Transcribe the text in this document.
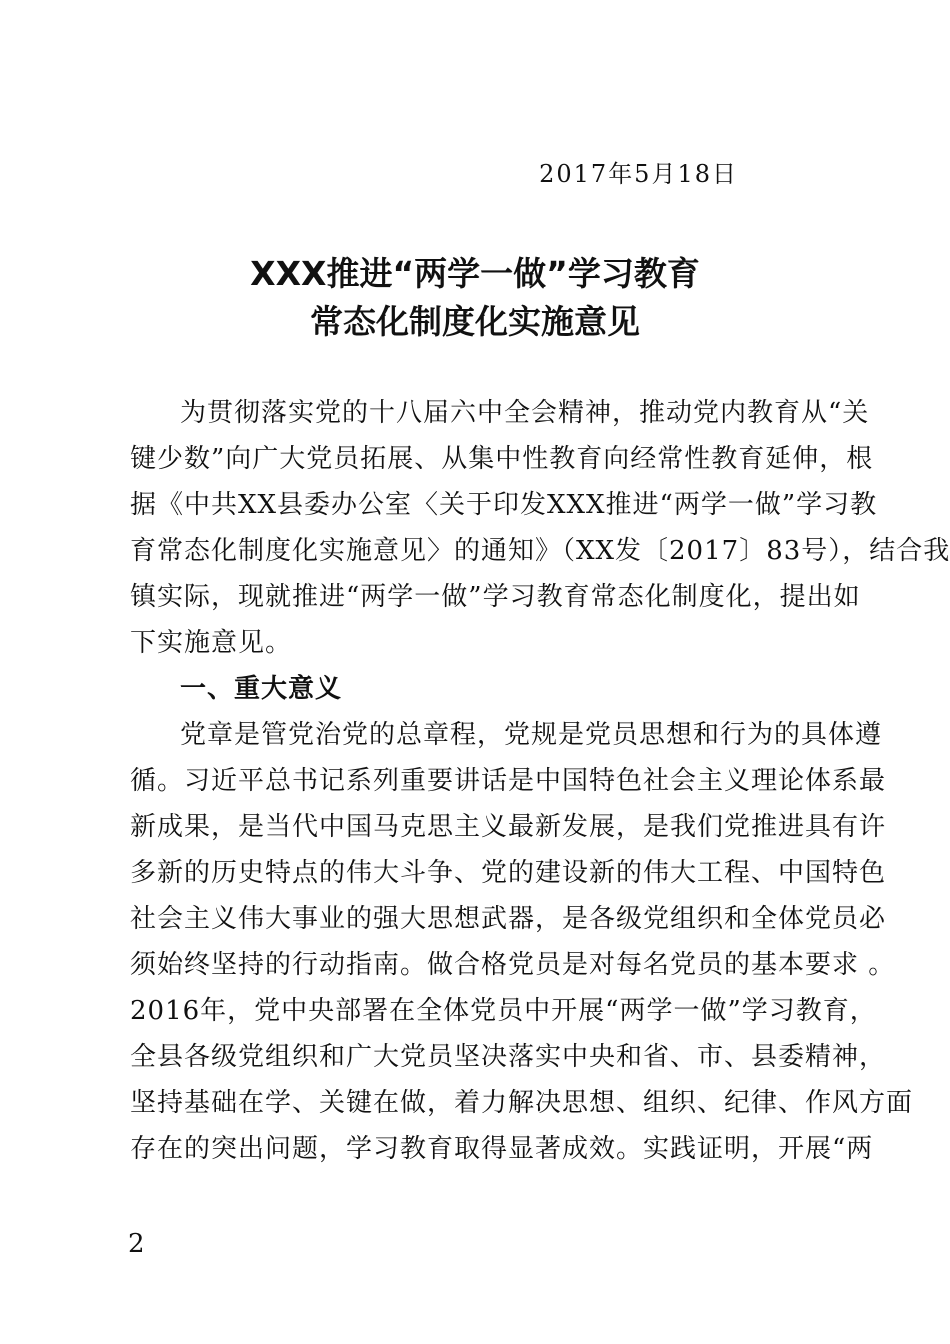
2017年5月18日
XXX推进“两学一做”学习教育
常态化制度化实施意见
为贯彻落实党的十八届六中全会精神，推动党内教育从“关
键少数”向广大党员拓展、从集中性教育向经常性教育延伸，根
据《中共XX县委办公室〈关于印发XXX推进“两学一做”学习教
育常态化制度化实施意见〉的通知》（XX发〔2017〕83号），结合我
镇实际，现就推进“两学一做”学习教育常态化制度化，提出如
下实施意见。
一、重大意义
党章是管党治党的总章程，党规是党员思想和行为的具体遵
循。习近平总书记系列重要讲话是中国特色社会主义理论体系最
新成果，是当代中国马克思主义最新发展，是我们党推进具有许
多新的历史特点的伟大斗争、党的建设新的伟大工程、中国特色
社会主义伟大事业的强大思想武器，是各级党组织和全体党员必
须始终坚持的行动指南。做合格党员是对每名党员的基本要求 。
2016年，党中央部署在全体党员中开展“两学一做”学习教育，
全县各级党组织和广大党员坚决落实中央和省、市、县委精神，
坚持基础在学、关键在做，着力解决思想、组织、纪律、作风方面
存在的突出问题，学习教育取得显著成效。实践证明，开展“两
2
